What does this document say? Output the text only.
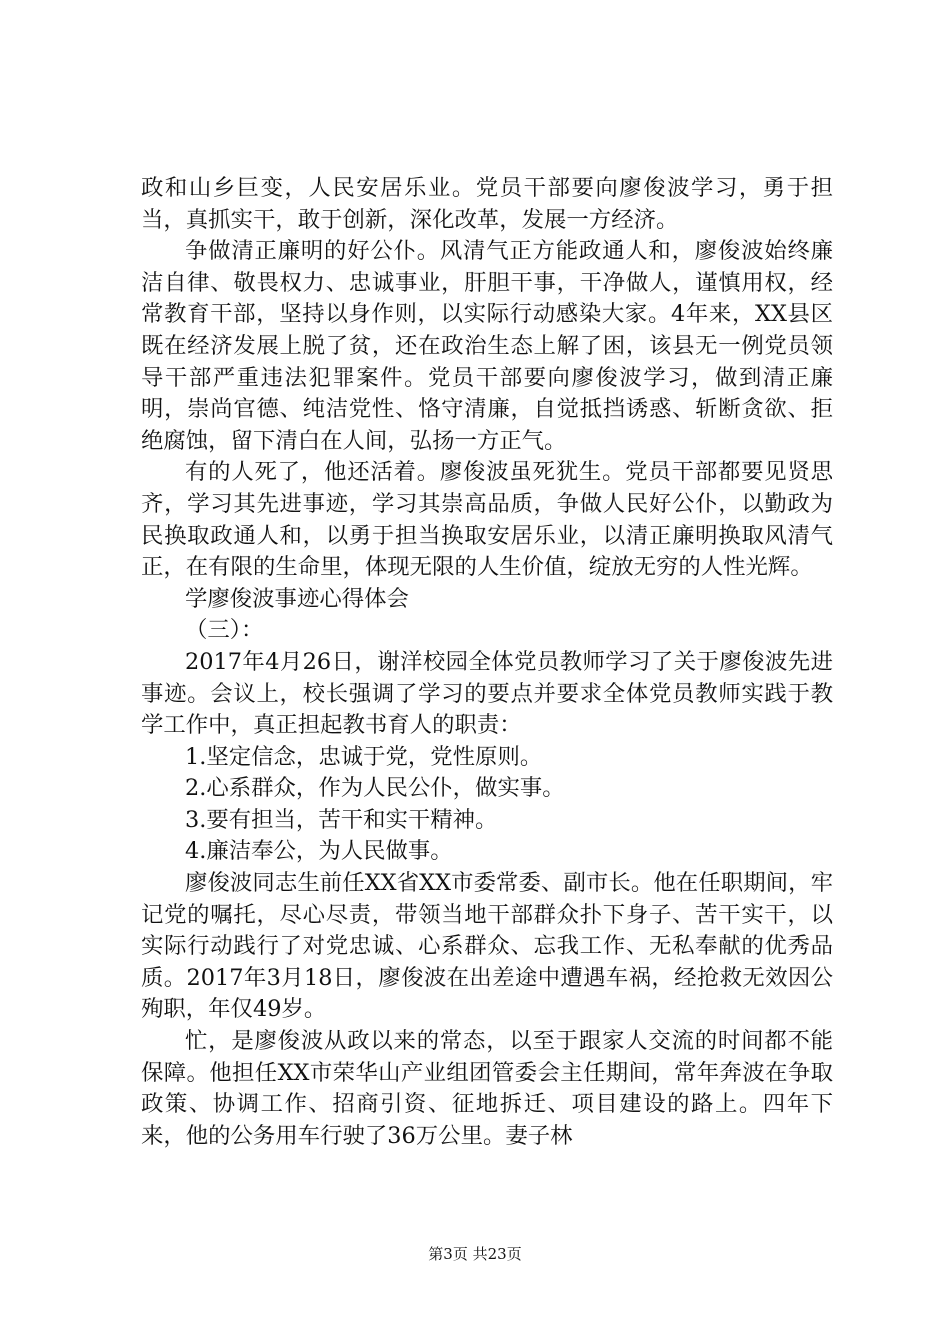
政和山乡巨变，人民安居乐业。党员干部要向廖俊波学习，勇于担当，真抓实干，敢于创新，深化改革，发展一方经济。

争做清正廉明的好公仆。风清气正方能政通人和，廖俊波始终廉洁自律、敬畏权力、忠诚事业，肝胆干事，干净做人，谨慎用权，经常教育干部，坚持以身作则，以实际行动感染大家。4年来，XX县区既在经济发展上脱了贫，还在政治生态上解了困，该县无一例党员领导干部严重违法犯罪案件。党员干部要向廖俊波学习，做到清正廉明，崇尚官德、纯洁党性、恪守清廉，自觉抵挡诱惑、斩断贪欲、拒绝腐蚀，留下清白在人间，弘扬一方正气。

有的人死了，他还活着。廖俊波虽死犹生。党员干部都要见贤思齐，学习其先进事迹，学习其崇高品质，争做人民好公仆，以勤政为民换取政通人和，以勇于担当换取安居乐业，以清正廉明换取风清气正，在有限的生命里，体现无限的人生价值，绽放无穷的人性光辉。

学廖俊波事迹心得体会

（三）：

2017年4月26日，谢洋校园全体党员教师学习了关于廖俊波先进事迹。会议上，校长强调了学习的要点并要求全体党员教师实践于教学工作中，真正担起教书育人的职责：

1.坚定信念，忠诚于党，党性原则。

2.心系群众，作为人民公仆，做实事。

3.要有担当，苦干和实干精神。

4.廉洁奉公，为人民做事。

廖俊波同志生前任XX省XX市委常委、副市长。他在任职期间，牢记党的嘱托，尽心尽责，带领当地干部群众扑下身子、苦干实干，以实际行动践行了对党忠诚、心系群众、忘我工作、无私奉献的优秀品质。2017年3月18日，廖俊波在出差途中遭遇车祸，经抢救无效因公殉职，年仅49岁。

忙，是廖俊波从政以来的常态，以至于跟家人交流的时间都不能保障。他担任XX市荣华山产业组团管委会主任期间，常年奔波在争取政策、协调工作、招商引资、征地拆迁、项目建设的路上。四年下来，他的公务用车行驶了36万公里。妻子林

第3页 共23页
